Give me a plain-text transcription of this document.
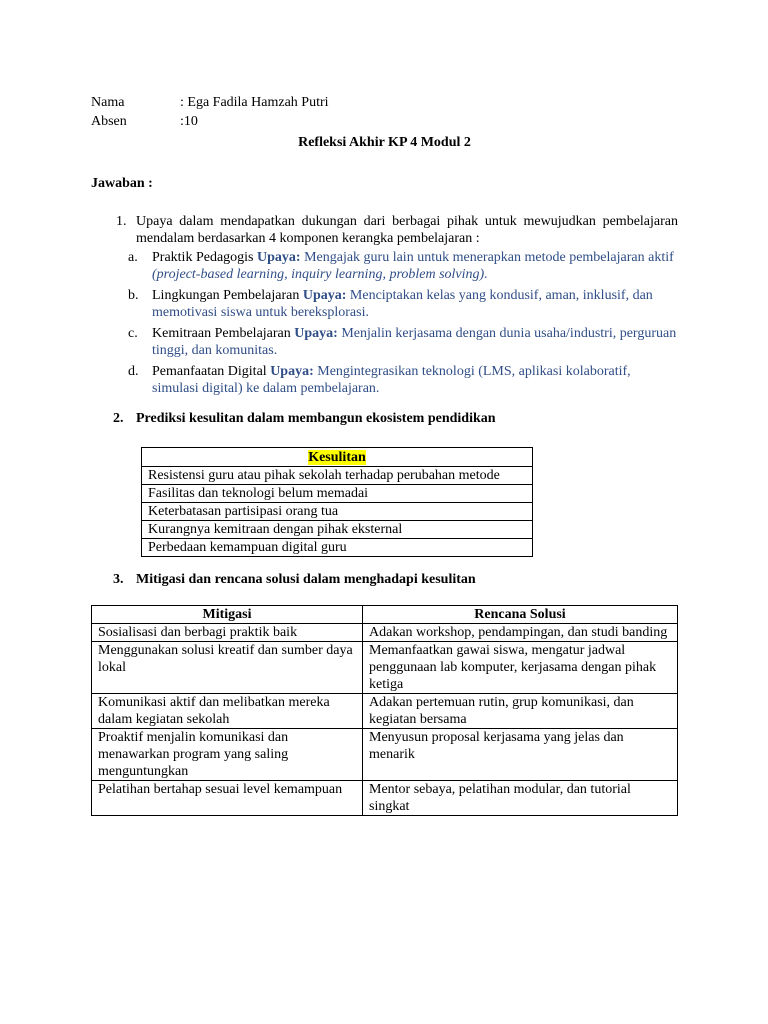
Nama	: Ega Fadila Hamzah Putri
Absen	:10
Refleksi Akhir KP 4 Modul 2
Jawaban :
1. Upaya dalam mendapatkan dukungan dari berbagai pihak untuk mewujudkan pembelajaran mendalam berdasarkan 4 komponen kerangka pembelajaran :
a.	Praktik Pedagogis Upaya: Mengajak guru lain untuk menerapkan metode pembelajaran aktif (project-based learning, inquiry learning, problem solving).
b. Lingkungan Pembelajaran Upaya: Menciptakan kelas yang kondusif, aman, inklusif, dan memotivasi siswa untuk bereksplorasi.
c.	Kemitraan Pembelajaran Upaya: Menjalin kerjasama dengan dunia usaha/industri, perguruan tinggi, dan komunitas.
d. Pemanfaatan Digital Upaya: Mengintegrasikan teknologi (LMS, aplikasi kolaboratif, simulasi digital) ke dalam pembelajaran.
2. Prediksi kesulitan dalam membangun ekosistem pendidikan
Kesulitan
Resistensi guru atau pihak sekolah terhadap perubahan metode
Fasilitas dan teknologi belum memadai
Keterbatasan partisipasi orang tua
Kurangnya kemitraan dengan pihak eksternal
Perbedaan kemampuan digital guru
3. Mitigasi dan rencana solusi dalam menghadapi kesulitan
Mitigasi	Rencana Solusi
Sosialisasi dan berbagi praktik baik	Adakan workshop, pendampingan, dan studi banding
Menggunakan solusi kreatif dan sumber daya lokal	Memanfaatkan gawai siswa, mengatur jadwal penggunaan lab komputer, kerjasama dengan pihak ketiga
Komunikasi aktif dan melibatkan mereka dalam kegiatan sekolah	Adakan pertemuan rutin, grup komunikasi, dan kegiatan bersama
Proaktif menjalin komunikasi dan menawarkan program yang saling menguntungkan	Menyusun proposal kerjasama yang jelas dan menarik
Pelatihan bertahap sesuai level kemampuan	Mentor sebaya, pelatihan modular, dan tutorial singkat
